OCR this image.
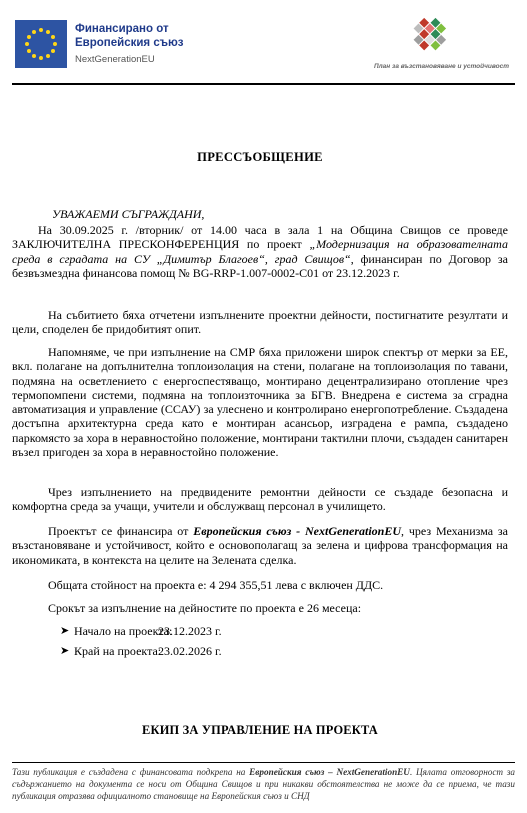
Финансирано от
Европейския съюз
NextGenerationEU
План за възстановяване и устойчивост
ПРЕССЪОБЩЕНИЕ
УВАЖАЕМИ СЪГРАЖДАНИ,
На 30.09.2025 г. /вторник/ от 14.00 часа в зала 1 на Община Свищов се проведе ЗАКЛЮЧИТЕЛНА ПРЕСКОНФЕРЕНЦИЯ по проект „Модернизация на образователната среда в сградата на СУ „Димитър Благоев“, град Свищов“, финансиран по Договор за безвъзмездна финансова помощ № BG-RRP-1.007-0002-C01 от 23.12.2023 г.
На събитието бяха отчетени изпълнените проектни дейности, постигнатите резултати и цели, споделен бе придобитият опит.
Напомняме, че при изпълнение на СМР бяха приложени широк спектър от мерки за ЕЕ, вкл. полагане на допълнителна топлоизолация на стени, полагане на топлоизолация по тавани, подмяна на осветлението с енергоспестяващо, монтирано децентрализирано отопление чрез термопомпени системи, подмяна на топлоизточника за БГВ. Внедрена е система за сградна автоматизация и управление (ССАУ) за улеснено и контролирано енергопотребление. Създадена достъпна архитектурна среда като е монтиран асансьор, изградена е рампа, създадено паркомясто за хора в неравностойно положение, монтирани тактилни плочи, създаден санитарен възел пригоден за хора в неравностойно положение.
Чрез изпълнението на предвидените ремонтни дейности се създаде безопасна и комфортна среда за учащи, учители и обслужващ персонал в училището.
Проектът се финансира от Европейския съюз - NextGenerationEU, чрез Механизма за възстановяване и устойчивост, който е основополагащ за зелена и цифрова трансформация на икономиката, в контекста на целите на Зелената сделка.
Общата стойност на проекта е: 4 294 355,51 лева с включен ДДС.
Срокът за изпълнение на дейностите по проекта е 26 месеца:
➤ Начало на проекта:
23.12.2023 г.
➤ Край на проекта:
23.02.2026 г.
ЕКИП ЗА УПРАВЛЕНИЕ НА ПРОЕКТА
Тази публикация е създадена с финансовата подкрепа на Европейския съюз – NextGenerationEU. Цялата отговорност за съдържанието на документа се носи от Община Свищов и при никакви обстоятелства не може да се приема, че тази публикация отразява официалното становище на Европейския съюз и СНД
